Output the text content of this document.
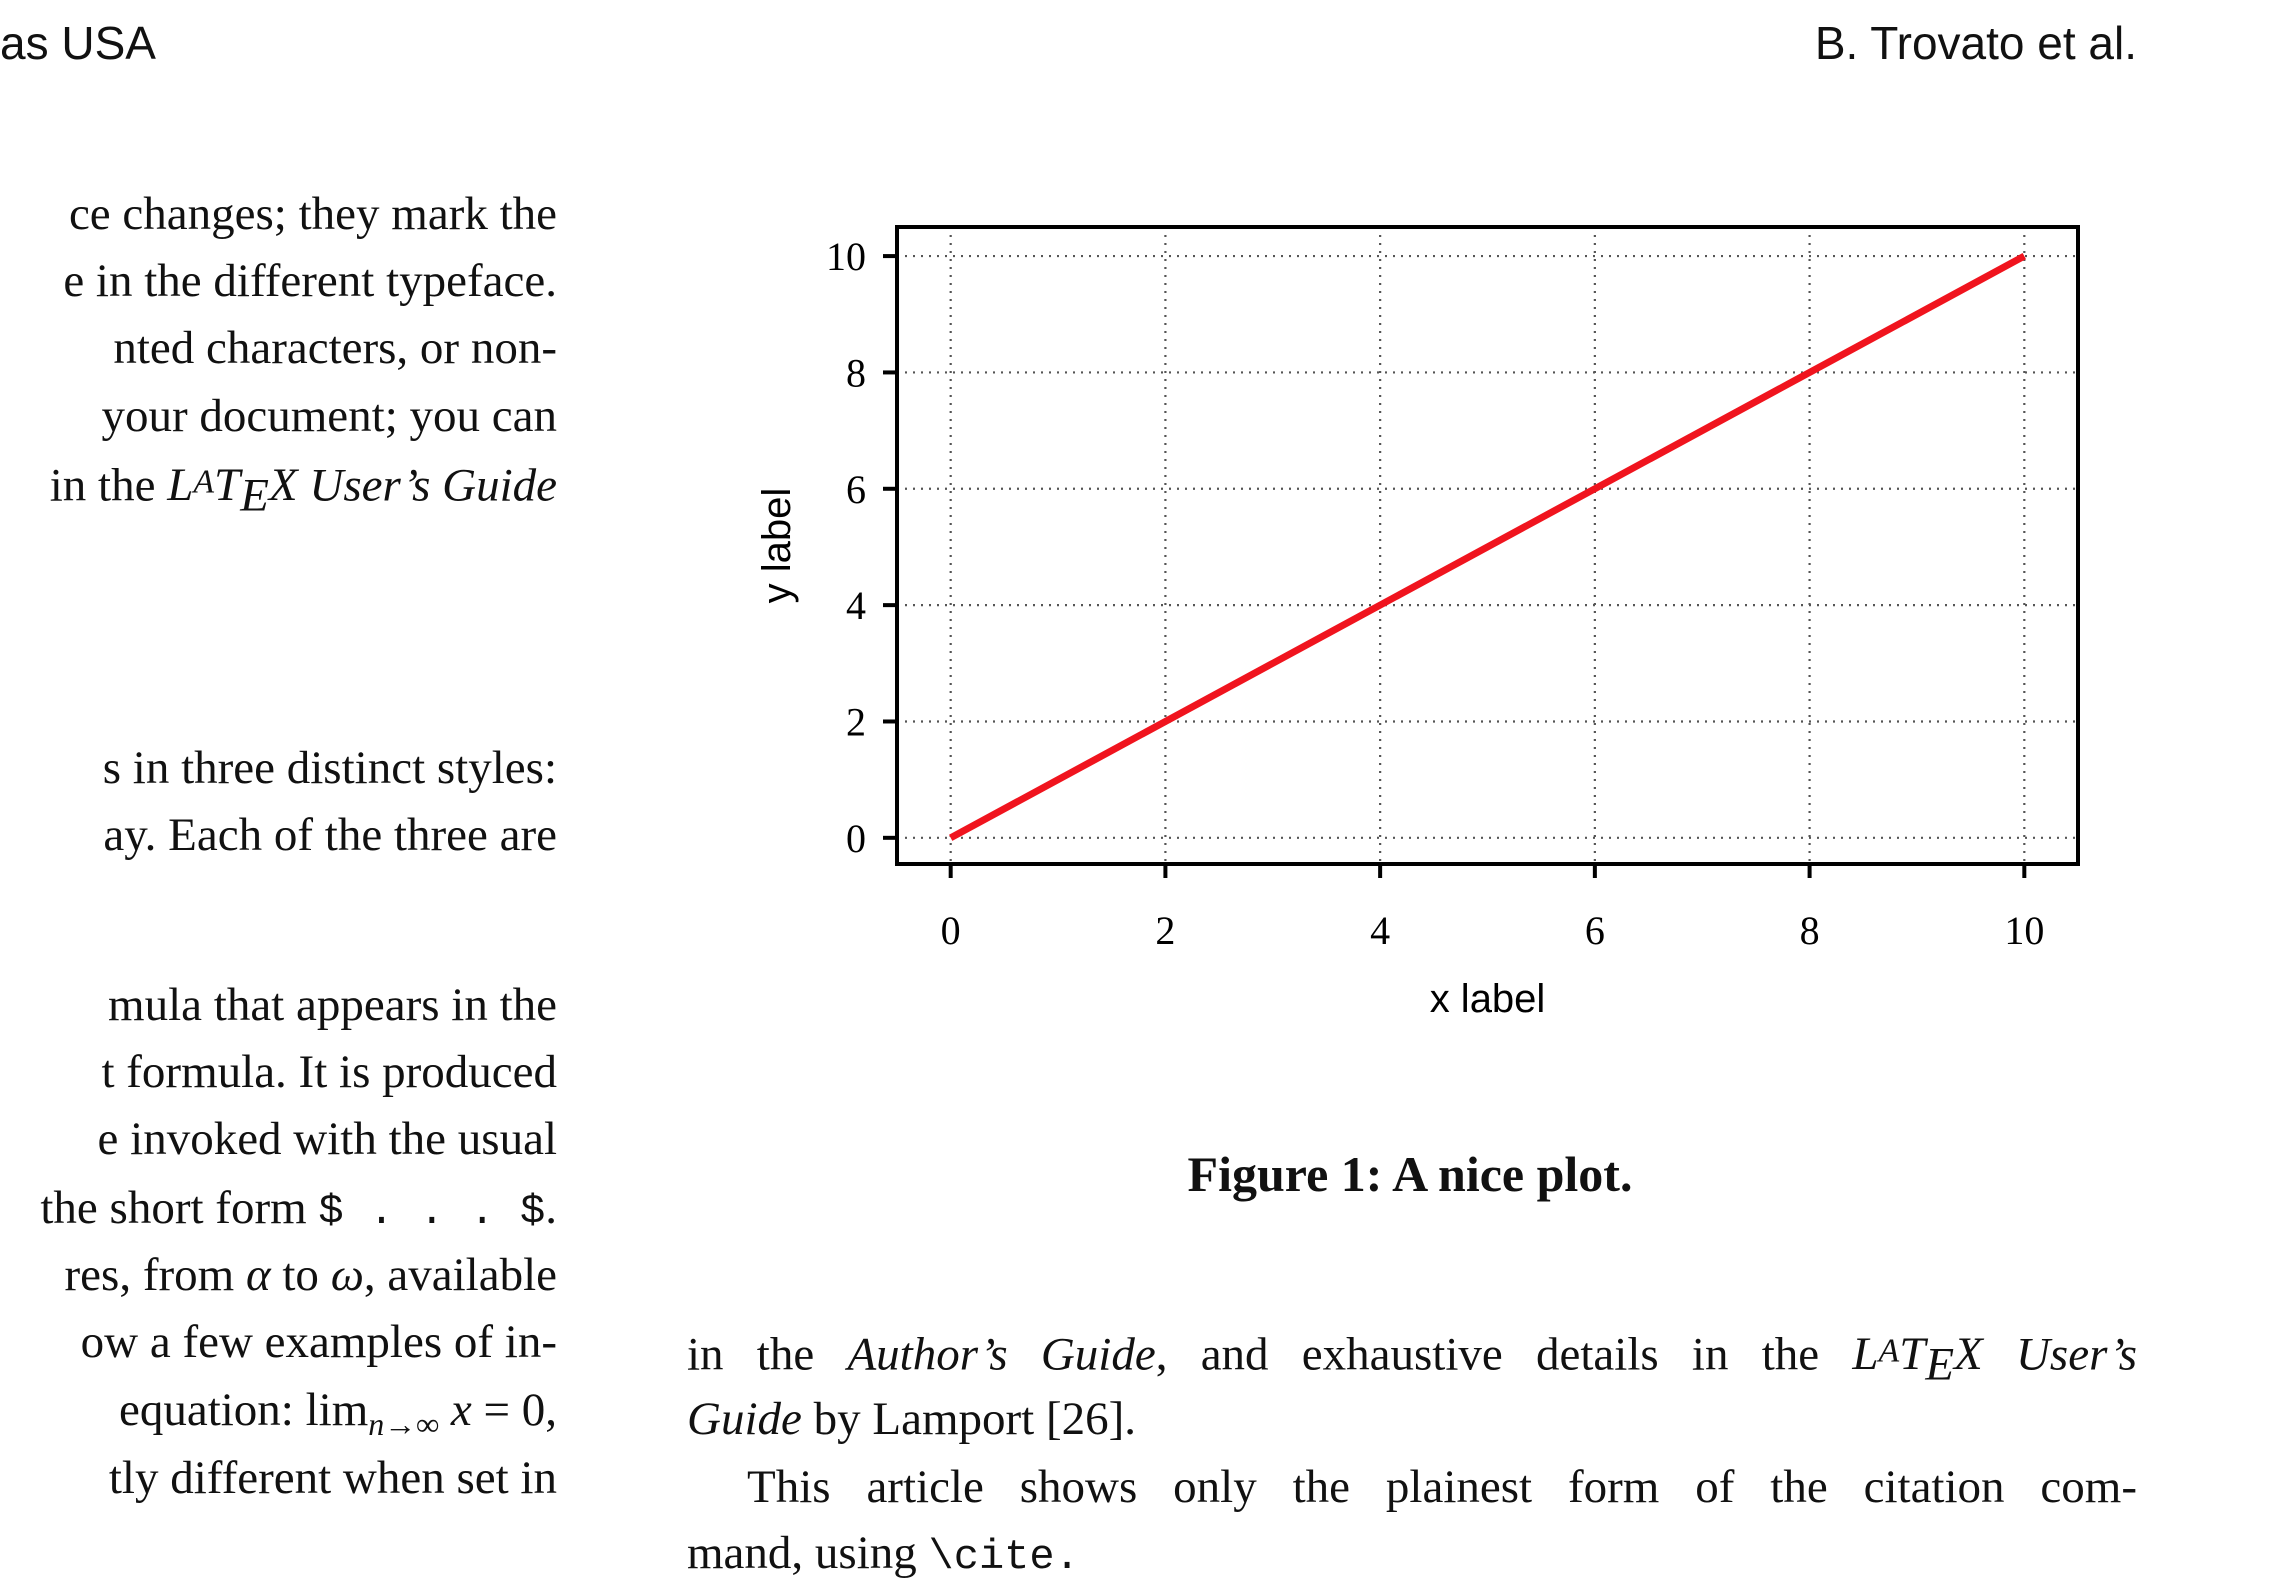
as USA	B. Trovato et al.
ce changes; they mark the
e in the different typeface.
nted characters, or non-
your document; you can
in the LATEX User’s Guide
s in three distinct styles:
ay. Each of the three are
mula that appears in the
t formula. It is produced
e invoked with the usual
the short form $ . . . $.
res, from α to ω, available
ow a few examples of in-
equation: $\lim_{n\to\infty} x = 0$,
tly different when set in
0	2	4	6	8	10
0
2
4
6
8
10
x label
y label
Figure 1: A nice plot.
in the Author’s Guide, and exhaustive details in the LATEX User’s
Guide by Lamport [26].
This article shows only the plainest form of the citation com-
mand, using \cite.
